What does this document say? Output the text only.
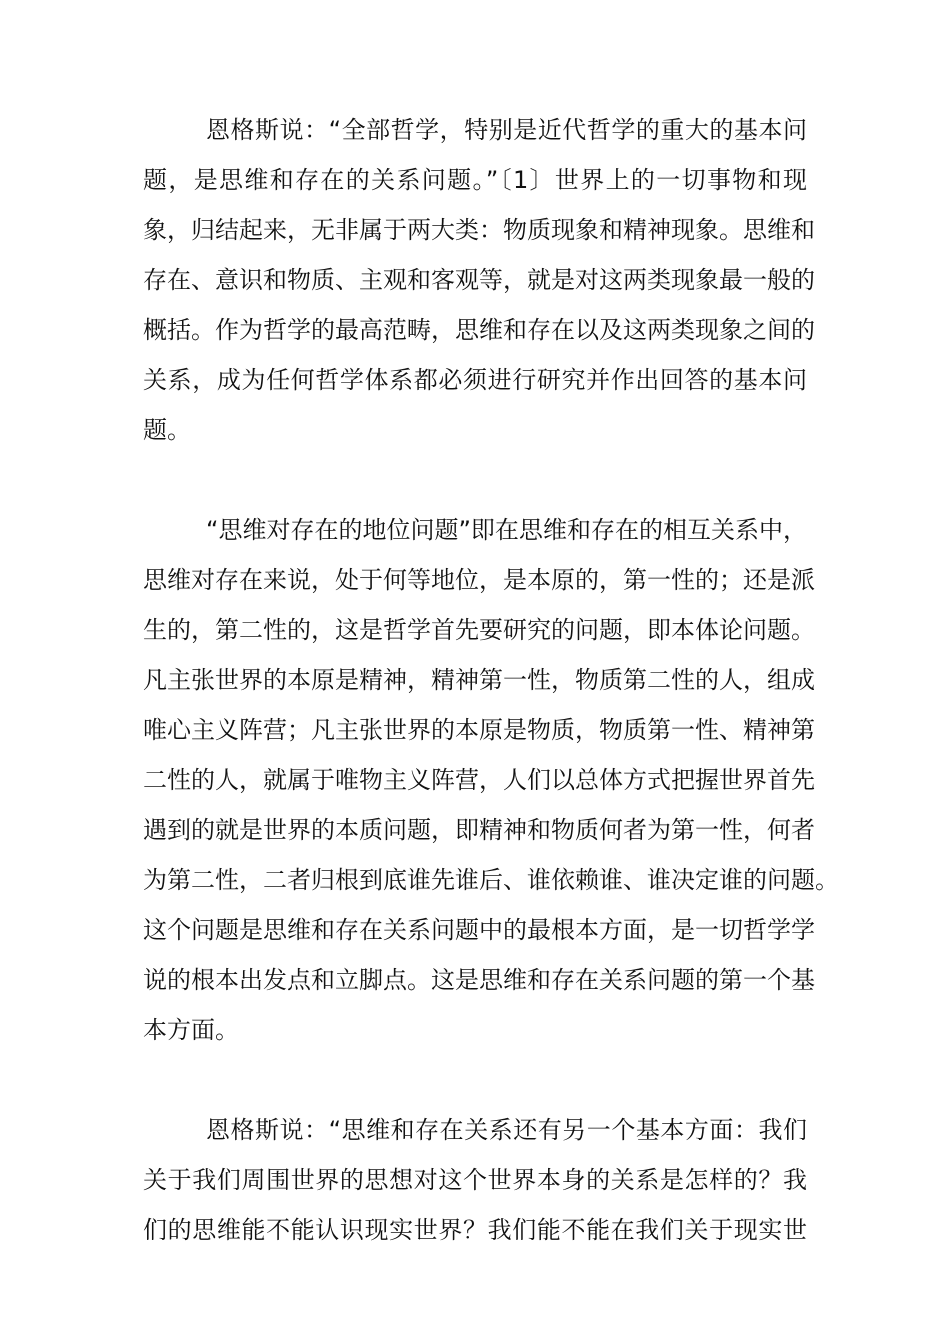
恩格斯说：“全部哲学，特别是近代哲学的重大的基本问
题，是思维和存在的关系问题。”〔1〕世界上的一切事物和现
象，归结起来，无非属于两大类：物质现象和精神现象。思维和
存在、意识和物质、主观和客观等，就是对这两类现象最一般的
概括。作为哲学的最高范畴，思维和存在以及这两类现象之间的
关系，成为任何哲学体系都必须进行研究并作出回答的基本问
题。
“思维对存在的地位问题”即在思维和存在的相互关系中，
思维对存在来说，处于何等地位，是本原的，第一性的；还是派
生的，第二性的，这是哲学首先要研究的问题，即本体论问题。
凡主张世界的本原是精神，精神第一性，物质第二性的人，组成
唯心主义阵营；凡主张世界的本原是物质，物质第一性、精神第
二性的人，就属于唯物主义阵营，人们以总体方式把握世界首先
遇到的就是世界的本质问题，即精神和物质何者为第一性，何者
为第二性，二者归根到底谁先谁后、谁依赖谁、谁决定谁的问题。
这个问题是思维和存在关系问题中的最根本方面，是一切哲学学
说的根本出发点和立脚点。这是思维和存在关系问题的第一个基
本方面。
恩格斯说：“思维和存在关系还有另一个基本方面：我们
关于我们周围世界的思想对这个世界本身的关系是怎样的？我
们的思维能不能认识现实世界？我们能不能在我们关于现实世
